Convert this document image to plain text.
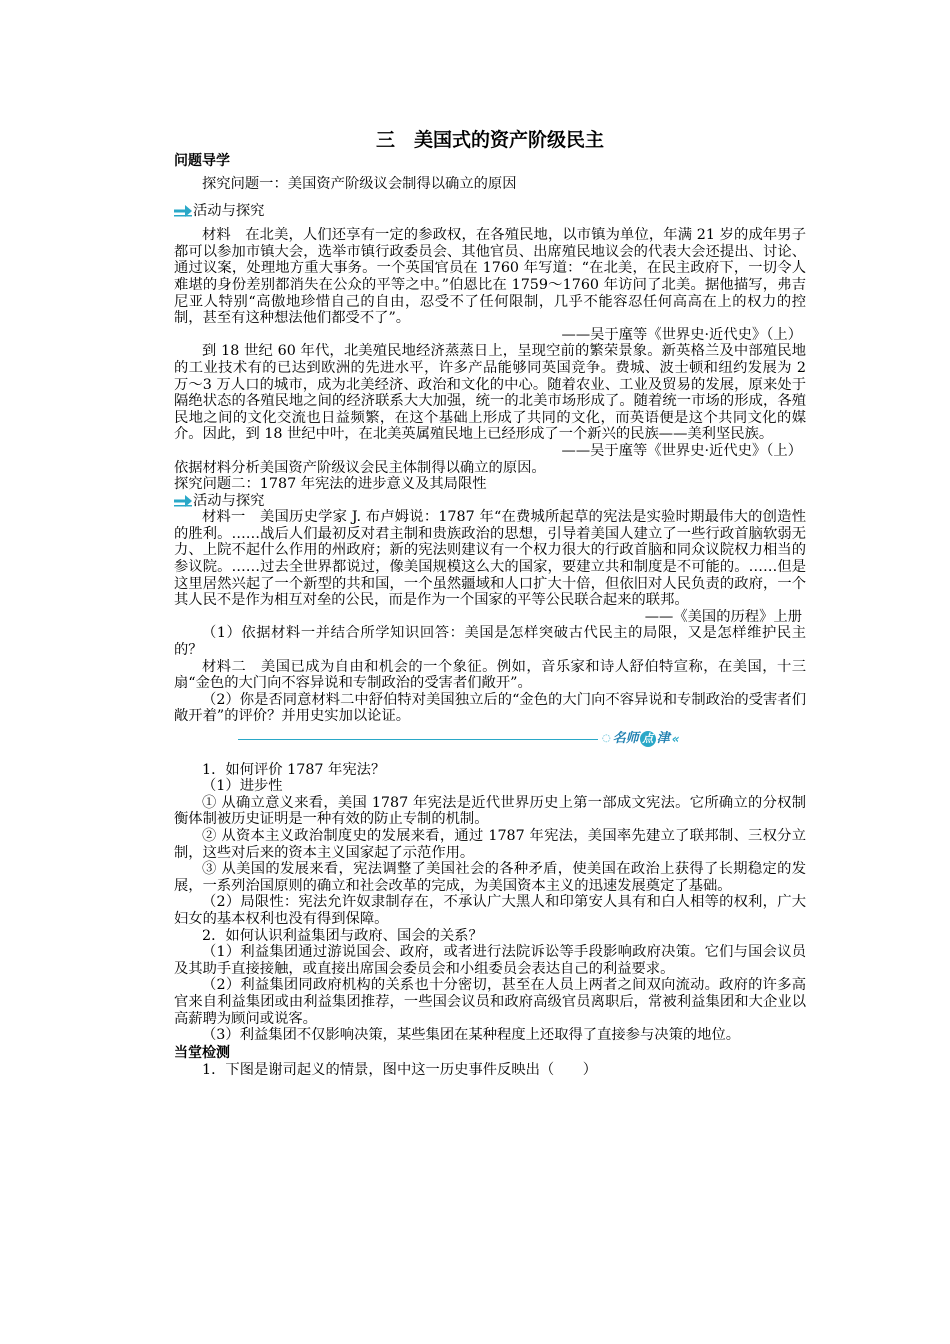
三　美国式的资产阶级民主
问题导学

探究问题一：美国资产阶级议会制得以确立的原因

活动与探究

材料　在北美，人们还享有一定的参政权，在各殖民地，以市镇为单位，年满 21 岁的成年男子都可以参加市镇大会，选举市镇行政委员会、其他官员、出席殖民地议会的代表大会还提出、讨论、通过议案，处理地方重大事务。一个英国官员在 1760 年写道：“在北美，在民主政府下，一切令人难堪的身份差别都消失在公众的平等之中。”伯恩比在 1759～1760 年访问了北美。据他描写，弗吉尼亚人特别“高傲地珍惜自己的自由，忍受不了任何限制，几乎不能容忍任何高高在上的权力的控制，甚至有这种想法他们都受不了”。

——吴于廑等《世界史·近代史》（上）

到 18 世纪 60 年代，北美殖民地经济蒸蒸日上，呈现空前的繁荣景象。新英格兰及中部殖民地的工业技术有的已达到欧洲的先进水平，许多产品能够同英国竞争。费城、波士顿和纽约发展为 2 万～3 万人口的城市，成为北美经济、政治和文化的中心。随着农业、工业及贸易的发展，原来处于隔绝状态的各殖民地之间的经济联系大大加强，统一的北美市场形成了。随着统一市场的形成，各殖民地之间的文化交流也日益频繁，在这个基础上形成了共同的文化，而英语便是这个共同文化的媒介。因此，到 18 世纪中叶，在北美英属殖民地上已经形成了一个新兴的民族——美利坚民族。

——吴于廑等《世界史·近代史》（上）

依据材料分析美国资产阶级议会民主体制得以确立的原因。

探究问题二：1787 年宪法的进步意义及其局限性

活动与探究

材料一　美国历史学家 J. 布卢姆说：1787 年“在费城所起草的宪法是实验时期最伟大的创造性的胜利。……战后人们最初反对君主制和贵族政治的思想，引导着美国人建立了一些行政首脑软弱无力、上院不起什么作用的州政府；新的宪法则建议有一个权力很大的行政首脑和同众议院权力相当的参议院。……过去全世界都说过，像美国规模这么大的国家，要建立共和制度是不可能的。……但是这里居然兴起了一个新型的共和国，一个虽然疆域和人口扩大十倍，但依旧对人民负责的政府，一个其人民不是作为相互对垒的公民，而是作为一个国家的平等公民联合起来的联邦。

——《美国的历程》上册

（1）依据材料一并结合所学知识回答：美国是怎样突破古代民主的局限，又是怎样维护民主的？

材料二　美国已成为自由和机会的一个象征。例如，音乐家和诗人舒伯特宣称，在美国，十三扇“金色的大门向不容异说和专制政治的受害者们敞开”。

（2）你是否同意材料二中舒伯特对美国独立后的“金色的大门向不容异说和专制政治的受害者们敞开着”的评价？并用史实加以论证。

◌ 名师 点 津 «

1．如何评价 1787 年宪法？

（1）进步性

① 从确立意义来看，美国 1787 年宪法是近代世界历史上第一部成文宪法。它所确立的分权制衡体制被历史证明是一种有效的防止专制的机制。

② 从资本主义政治制度史的发展来看，通过 1787 年宪法，美国率先建立了联邦制、三权分立制，这些对后来的资本主义国家起了示范作用。

③ 从美国的发展来看，宪法调整了美国社会的各种矛盾，使美国在政治上获得了长期稳定的发展，一系列治国原则的确立和社会改革的完成，为美国资本主义的迅速发展奠定了基础。

（2）局限性：宪法允许奴隶制存在，不承认广大黑人和印第安人具有和白人相等的权利，广大妇女的基本权利也没有得到保障。

2．如何认识利益集团与政府、国会的关系？

（1）利益集团通过游说国会、政府，或者进行法院诉讼等手段影响政府决策。它们与国会议员及其助手直接接触，或直接出席国会委员会和小组委员会表达自己的利益要求。

（2）利益集团同政府机构的关系也十分密切，甚至在人员上两者之间双向流动。政府的许多高官来自利益集团或由利益集团推荐，一些国会议员和政府高级官员离职后，常被利益集团和大企业以高薪聘为顾问或说客。

（3）利益集团不仅影响决策，某些集团在某种程度上还取得了直接参与决策的地位。

当堂检测

1．下图是谢司起义的情景，图中这一历史事件反映出（　　）
